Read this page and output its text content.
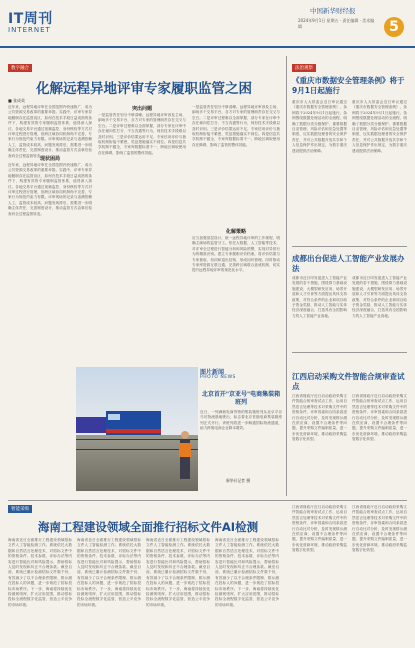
IT周刊
INTERNET
中国新华财经报
2024年9月1日 星期五 · 责任编辑 · 美术编辑	5
数字融合
化解远程异地评审专家履职监管之困
■ 张成英
现状困局
近年来，远程异地评审在全国范围内快速推广，成为公共资源交易改革的重要举措。实践中，评审专家异地履职存在监管盲区，如何在技术手段日益成熟的条件下，构建有效的专家履职监管体系，值得深入探讨。各地交易平台通过视频监控、身份核验等方式对评审过程进行管理，但跨区域协同机制尚不完善，专家行为规范约束力有限。评审现场的记录与追溯依赖人工，监管成本较高，问题发现滞后，需要进一步明确主体责任，完善制度设计，推动监管方式由事后检查向全过程监督转变。
近年来，远程异地评审在全国范围内快速推广，成为公共资源交易改革的重要举措。实践中，评审专家异地履职存在监管盲区，如何在技术手段日益成熟的条件下，构建有效的专家履职监管体系，值得深入探讨。各地交易平台通过视频监控、身份核验等方式对评审过程进行管理，但跨区域协同机制尚不完善，专家行为规范约束力有限。评审现场的记录与追溯依赖人工，监管成本较高，问题发现滞后，需要进一步明确主体责任，完善制度设计，推动监管方式由事后检查向全过程监督转变。
突出问题
一是监管责任划分不够清晰。远程异地评审涉及主场、副场多个交易平台，各方对专家的管理职责存在交叉与空白。二是评审过程难以全面掌握，部分专家在评审中存在倾向性打分、不当沟通等行为，现有技术手段难以及时识别。三是评价结果运用不足，专家信用评价与抽取机制衔接不紧密，奖惩措施落实不到位。四是信息共享机制不健全，专家库数据标准不一，跨地区调取使用存在障碍，影响了监管的整体效能。
化解策略
一是监管责任划分不够清晰。远程异地评审涉及主场、副场多个交易平台，各方对专家的管理职责存在交叉与空白。二是评审过程难以全面掌握，部分专家在评审中存在倾向性打分、不当沟通等行为，现有技术手段难以及时识别。三是评价结果运用不足，专家信用评价与抽取机制衔接不紧密，奖惩措施落实不到位。四是信息共享机制不健全，专家库数据标准不一，跨地区调取使用存在障碍，影响了监管的整体效能。
应当加强顶层设计，统一远程异地评审的工作规程，明确主副场的监管分工。依托大数据、人工智能等技术，对评审全过程进行智能分析和风险预警，实现对异常行为的精准识别。建立专家履职评价档案，将评价结果与专家抽取、培训和退出挂钩，形成闭环管理。同时推动专家库资源互联互通，完善跨区域联合惩戒机制，切实提升远程异地评审的规范化水平。
图片新闻
PHOTO NEWS
北京首开"京亚号"电商集装箱班列
近日，一列满载电商货物的集装箱班列从北京平谷马坊物流基地驶出，标志着北京首趟电商集装箱班列正式开行。该班列将进一步畅通国际物流通道，助力跨境电商企业降本增效。
新华社记者 摄
法治观察
《重庆市数据安全管理条例》将于9月1日起施行
重庆市人大常委会近日审议通过《重庆市数据安全管理条例》，条例将于2024年9月1日起施行。条例围绕数据处理活动的全流程，明确了数据分类分级保护、重要数据目录管理、风险评估和应急处置等制度，压实数据处理者的安全保护责任，并对公共数据开放共享和个人信息保护作出规定，为数字重庆建设提供法治保障。
重庆市人大常委会近日审议通过《重庆市数据安全管理条例》，条例将于2024年9月1日起施行。条例围绕数据处理活动的全流程，明确了数据分类分级保护、重要数据目录管理、风险评估和应急处置等制度，压实数据处理者的安全保护责任，并对公共数据开放共享和个人信息保护作出规定，为数字重庆建设提供法治保障。
成都出台促进人工智能产业发展办法
成都市近日印发促进人工智能产业发展的若干措施，围绕算力基础设施建设、大模型研发应用、场景开放和人才引育等方面提出具体支持政策，对符合条件的企业和项目给予资金奖励，推动人工智能与实体经济深度融合，打造具有全国影响力的人工智能产业高地。
成都市近日印发促进人工智能产业发展的若干措施，围绕算力基础设施建设、大模型研发应用、场景开放和人才引育等方面提出具体支持政策，对符合条件的企业和项目给予资金奖励，推动人工智能与实体经济深度融合，打造具有全国影响力的人工智能产业高地。
江西启动采购文件智能合规审查试点
江西省财政厅近日启动政府采购文件智能合规审查试点工作，运用自然语言处理等技术对采购文件中的资格条件、评审因素和合同条款进行自动比对分析，及时发现排斥潜在供应商、设置不合理条件等问题，提升采购文件编制质量，进一步优化营商环境，推动政府采购监管数字化转型。
江西省财政厅近日启动政府采购文件智能合规审查试点工作，运用自然语言处理等技术对采购文件中的资格条件、评审因素和合同条款进行自动比对分析，及时发现排斥潜在供应商、设置不合理条件等问题，提升采购文件编制质量，进一步优化营商环境，推动政府采购监管数字化转型。
智能采购
海南工程建设领域全面推行招标文件AI检测
海南省近日全面推行工程建设领域招标文件人工智能检测工作。系统依托大数据和自然语言处理技术，对招标文件中的资格条件、技术参数、评标办法等内容进行智能比对和风险提示，帮助招标人及时发现和纠正不合理条款。截至目前，系统已累计检测招标文件数千份，有效减少了以不合理条件限制、排斥潜在投标人的问题，进一步规范了招标投标市场秩序。下一步，海南将持续优化检测规则库，扩大应用范围，推动招标投标全流程数字化监管，营造公平竞争的市场环境。
海南省近日全面推行工程建设领域招标文件人工智能检测工作。系统依托大数据和自然语言处理技术，对招标文件中的资格条件、技术参数、评标办法等内容进行智能比对和风险提示，帮助招标人及时发现和纠正不合理条款。截至目前，系统已累计检测招标文件数千份，有效减少了以不合理条件限制、排斥潜在投标人的问题，进一步规范了招标投标市场秩序。下一步，海南将持续优化检测规则库，扩大应用范围，推动招标投标全流程数字化监管，营造公平竞争的市场环境。
海南省近日全面推行工程建设领域招标文件人工智能检测工作。系统依托大数据和自然语言处理技术，对招标文件中的资格条件、技术参数、评标办法等内容进行智能比对和风险提示，帮助招标人及时发现和纠正不合理条款。截至目前，系统已累计检测招标文件数千份，有效减少了以不合理条件限制、排斥潜在投标人的问题，进一步规范了招标投标市场秩序。下一步，海南将持续优化检测规则库，扩大应用范围，推动招标投标全流程数字化监管，营造公平竞争的市场环境。
海南省近日全面推行工程建设领域招标文件人工智能检测工作。系统依托大数据和自然语言处理技术，对招标文件中的资格条件、技术参数、评标办法等内容进行智能比对和风险提示，帮助招标人及时发现和纠正不合理条款。截至目前，系统已累计检测招标文件数千份，有效减少了以不合理条件限制、排斥潜在投标人的问题，进一步规范了招标投标市场秩序。下一步，海南将持续优化检测规则库，扩大应用范围，推动招标投标全流程数字化监管，营造公平竞争的市场环境。
江西省财政厅近日启动政府采购文件智能合规审查试点工作，运用自然语言处理等技术对采购文件中的资格条件、评审因素和合同条款进行自动比对分析，及时发现排斥潜在供应商、设置不合理条件等问题，提升采购文件编制质量，进一步优化营商环境，推动政府采购监管数字化转型。
江西省财政厅近日启动政府采购文件智能合规审查试点工作，运用自然语言处理等技术对采购文件中的资格条件、评审因素和合同条款进行自动比对分析，及时发现排斥潜在供应商、设置不合理条件等问题，提升采购文件编制质量，进一步优化营商环境，推动政府采购监管数字化转型。
